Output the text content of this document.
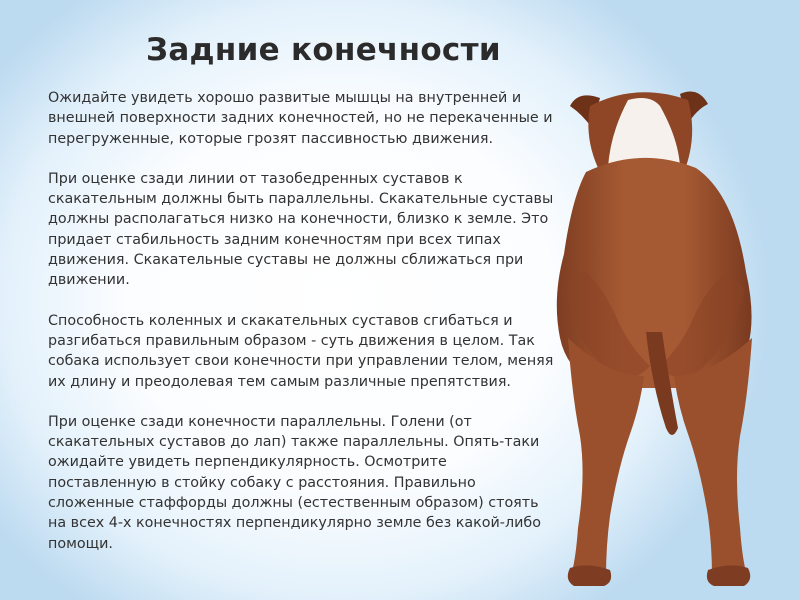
Задние конечности

Ожидайте увидеть хорошо развитые мышцы на внутренней и внешней поверхности задних конечностей, но не перекаченные и перегруженные, которые грозят пассивностью движения.

При оценке сзади линии от тазобедренных суставов к скакательным должны быть параллельны. Скакательные суставы должны располагаться низко на конечности, близко к земле. Это придает стабильность задним конечностям при всех типах движения. Скакательные суставы не должны сближаться при движении.

Способность коленных и скакательных суставов сгибаться и разгибаться правильным образом - суть движения в целом. Так собака использует свои конечности при управлении телом, меняя их длину и преодолевая тем самым различные препятствия.

При оценке сзади конечности параллельны. Голени (от скакательных суставов до лап) также параллельны. Опять-таки ожидайте увидеть перпендикулярность. Осмотрите поставленную в стойку собаку с расстояния. Правильно сложенные стаффорды должны (естественным образом) стоять на всех 4-х конечностях перпендикулярно земле без какой-либо помощи.
